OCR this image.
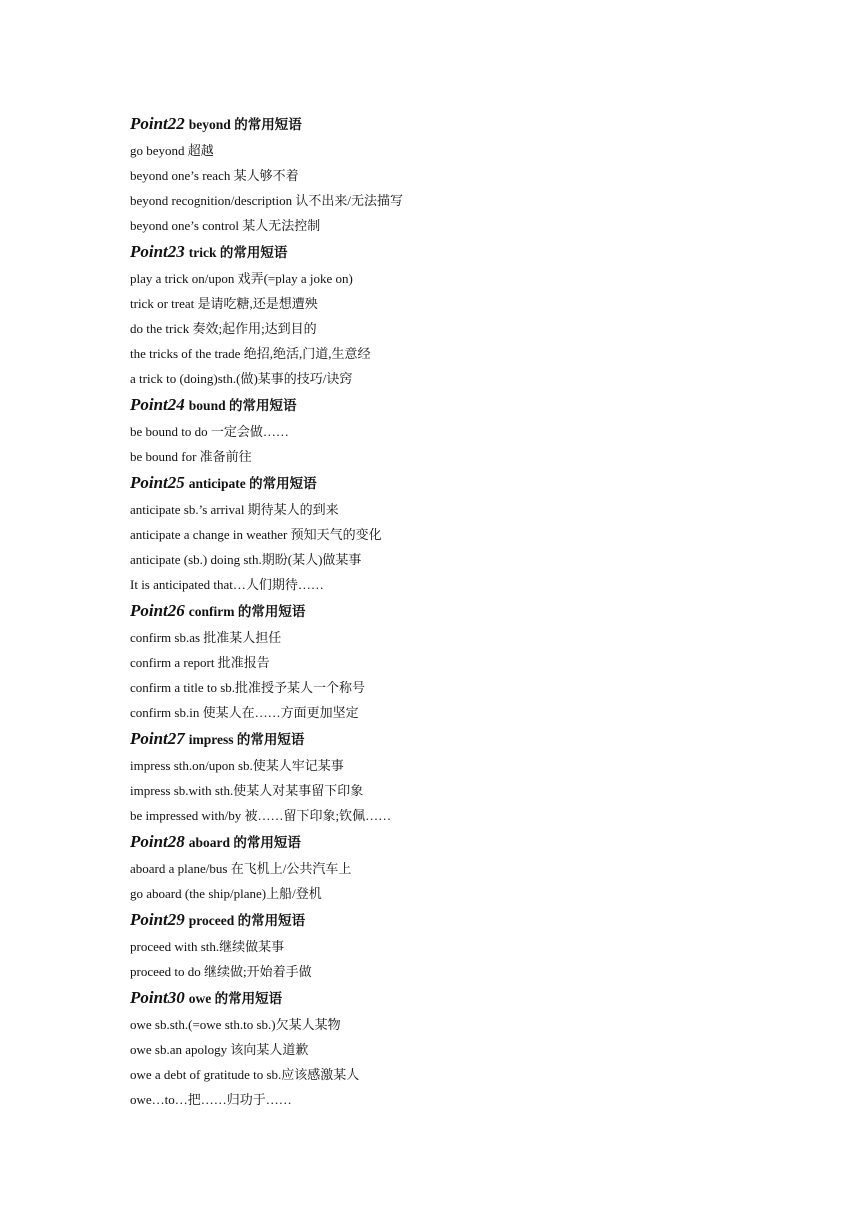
Point22 beyond 的常用短语
go beyond 超越
beyond one’s reach 某人够不着
beyond recognition/description 认不出来/无法描写
beyond one’s control 某人无法控制
Point23 trick 的常用短语
play a trick on/upon 戏弄(=play a joke on)
trick or treat 是请吃糖,还是想遭殃
do the trick 奏效;起作用;达到目的
the tricks of the trade 绝招,绝活,门道,生意经
a trick to (doing)sth.(做)某事的技巧/诀窍
Point24 bound 的常用短语
be bound to do 一定会做……
be bound for 准备前往
Point25 anticipate 的常用短语
anticipate sb.’s arrival 期待某人的到来
anticipate a change in weather 预知天气的变化
anticipate (sb.) doing sth.期盼(某人)做某事
It is anticipated that…人们期待……
Point26 confirm 的常用短语
confirm sb.as 批准某人担任
confirm a report 批准报告
confirm a title to sb.批准授予某人一个称号
confirm sb.in 使某人在……方面更加坚定
Point27 impress 的常用短语
impress sth.on/upon sb.使某人牢记某事
impress sb.with sth.使某人对某事留下印象
be impressed with/by 被……留下印象;钦佩……
Point28 aboard 的常用短语
aboard a plane/bus 在飞机上/公共汽车上
go aboard (the ship/plane)上船/登机
Point29 proceed 的常用短语
proceed with sth.继续做某事
proceed to do 继续做;开始着手做
Point30 owe 的常用短语
owe sb.sth.(=owe sth.to sb.)欠某人某物
owe sb.an apology 该向某人道歉
owe a debt of gratitude to sb.应该感激某人
owe…to…把……归功于……
